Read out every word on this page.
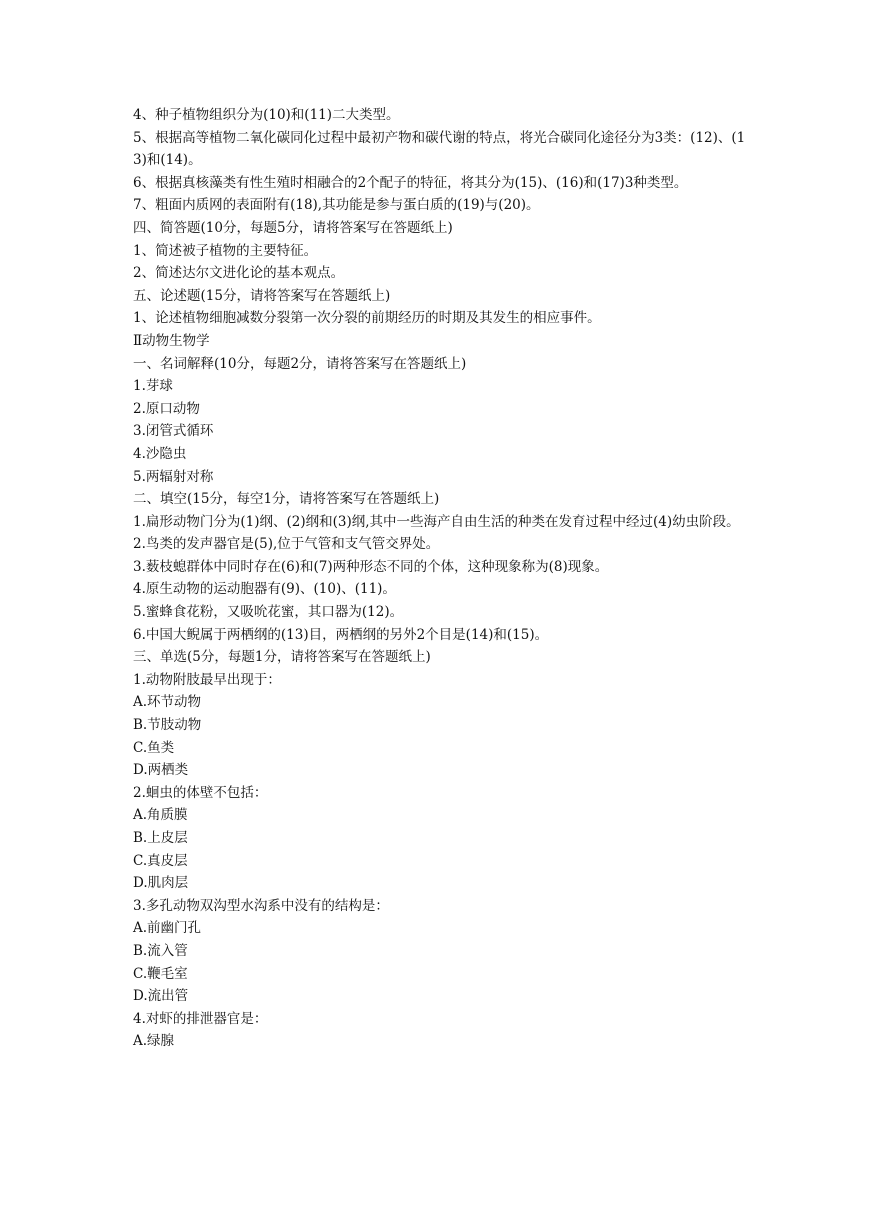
4、种子植物组织分为(10)和(11)二大类型。
5、根据高等植物二氧化碳同化过程中最初产物和碳代谢的特点，将光合碳同化途径分为3类：(12)、(13)和(14)。
6、根据真核藻类有性生殖时相融合的2个配子的特征，将其分为(15)、(16)和(17)3种类型。
7、粗面内质网的表面附有(18),其功能是参与蛋白质的(19)与(20)。
四、简答题(10分，每题5分，请将答案写在答题纸上)
1、简述被子植物的主要特征。
2、简述达尔文进化论的基本观点。
五、论述题(15分，请将答案写在答题纸上)
1、论述植物细胞减数分裂第一次分裂的前期经历的时期及其发生的相应事件。
Ⅱ动物生物学
一、名词解释(10分，每题2分，请将答案写在答题纸上)
1.芽球
2.原口动物
3.闭管式循环
4.沙隐虫
5.两辐射对称
二、填空(15分，每空1分，请将答案写在答题纸上)
1.扁形动物门分为(1)纲、(2)纲和(3)纲,其中一些海产自由生活的种类在发育过程中经过(4)幼虫阶段。
2.鸟类的发声器官是(5),位于气管和支气管交界处。
3.薮枝螅群体中同时存在(6)和(7)两种形态不同的个体，这种现象称为(8)现象。
4.原生动物的运动胞器有(9)、(10)、(11)。
5.蜜蜂食花粉，又吸吮花蜜，其口器为(12)。
6.中国大鲵属于两栖纲的(13)目，两栖纲的另外2个目是(14)和(15)。
三、单选(5分，每题1分，请将答案写在答题纸上)
1.动物附肢最早出现于：
A.环节动物
B.节肢动物
C.鱼类
D.两栖类
2.蛔虫的体壁不包括：
A.角质膜
B.上皮层
C.真皮层
D.肌肉层
3.多孔动物双沟型水沟系中没有的结构是：
A.前幽门孔
B.流入管
C.鞭毛室
D.流出管
4.对虾的排泄器官是：
A.绿腺
